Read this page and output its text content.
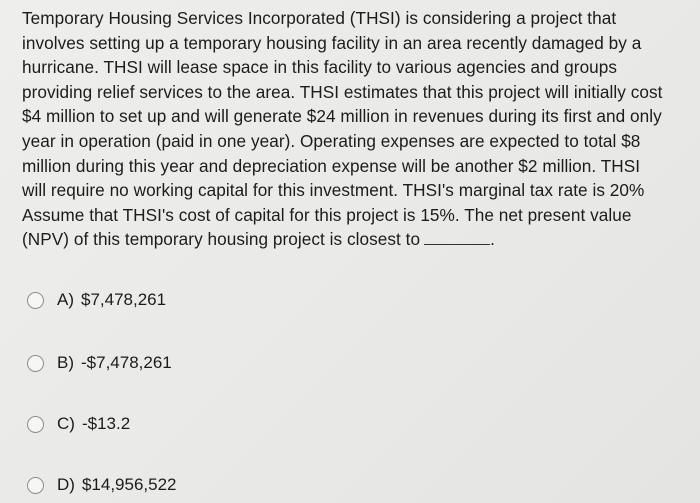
Temporary Housing Services Incorporated (THSI) is considering a project that
involves setting up a temporary housing facility in an area recently damaged by a
hurricane. THSI will lease space in this facility to various agencies and groups
providing relief services to the area. THSI estimates that this project will initially cost
$4 million to set up and will generate $24 million in revenues during its first and only
year in operation (paid in one year). Operating expenses are expected to total $8
million during this year and depreciation expense will be another $2 million. THSI
will require no working capital for this investment. THSI's marginal tax rate is 20%
Assume that THSI's cost of capital for this project is 15%. The net present value
(NPV) of this temporary housing project is closest to	.
A) $7,478,261
B) -$7,478,261
C) -$13.2
D) $14,956,522
